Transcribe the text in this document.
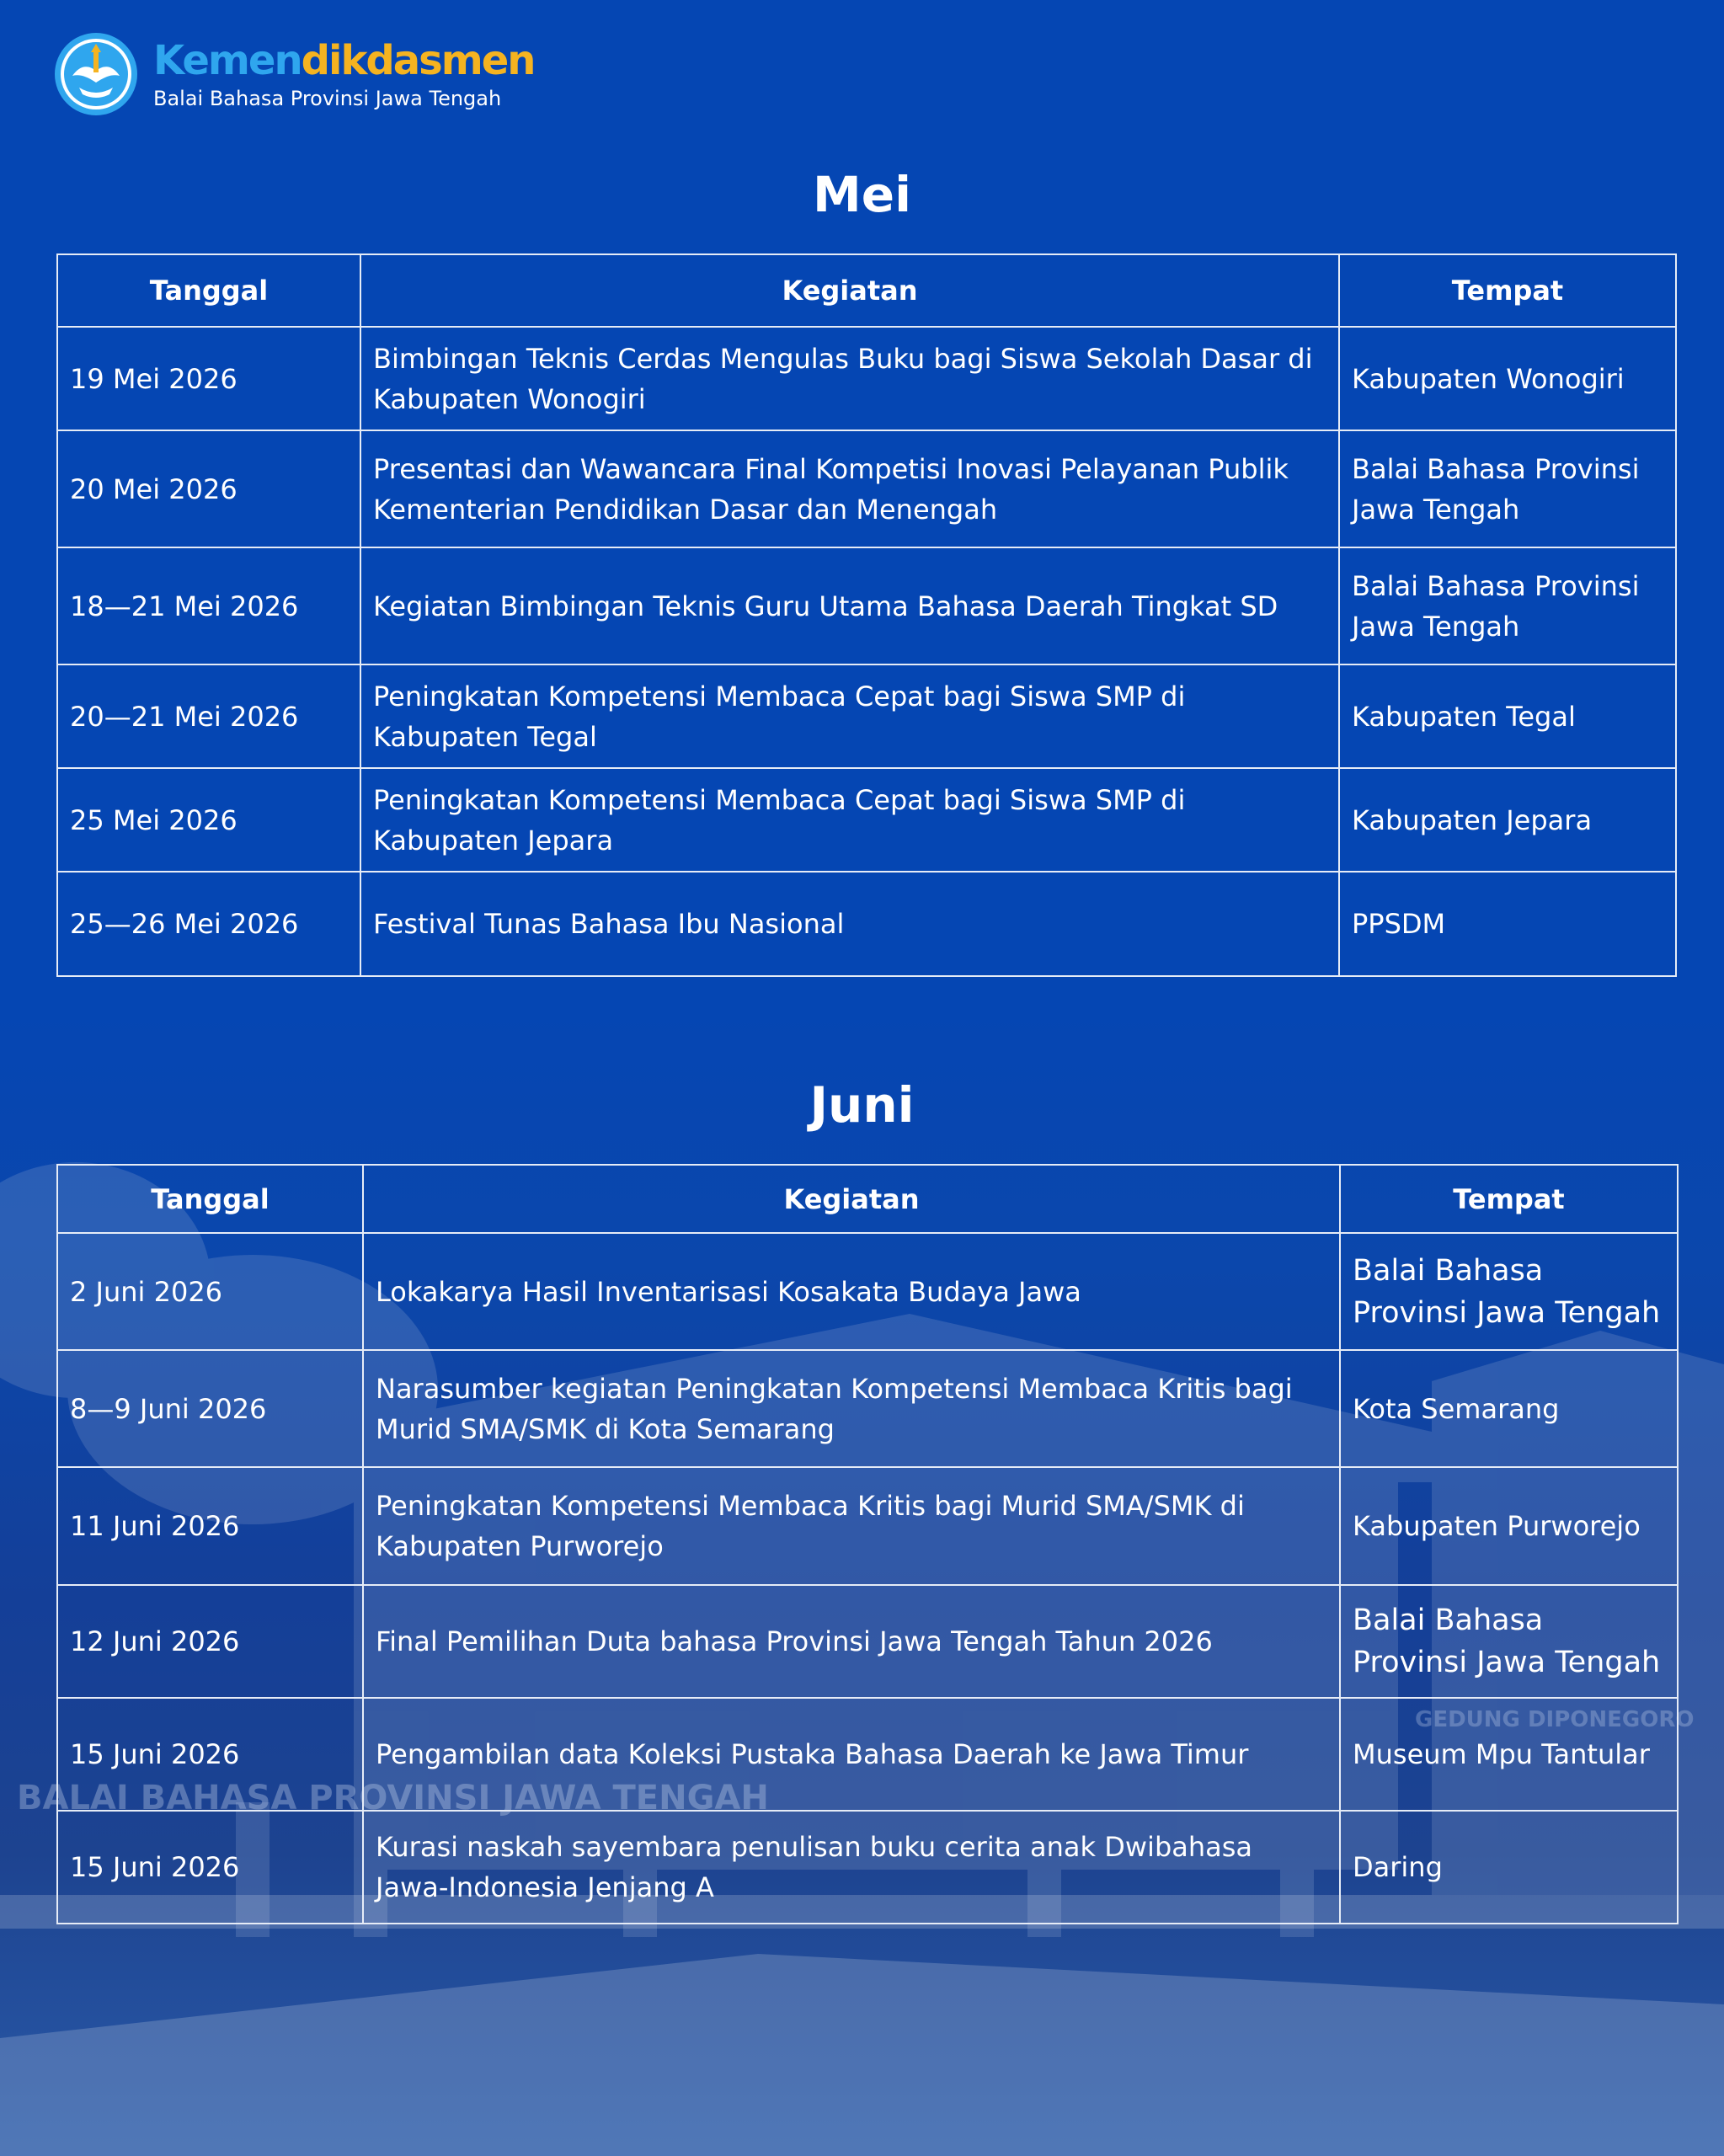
BALAI BAHASA PROVINSI JAWA TENGAH
GEDUNG DIPONEGORO
Kemendikdasmen
Balai Bahasa Provinsi Jawa Tengah
Mei
Tanggal	Kegiatan	Tempat
19 Mei 2026	Bimbingan Teknis Cerdas Mengulas Buku bagi Siswa Sekolah Dasar di Kabupaten Wonogiri	Kabupaten Wonogiri
20 Mei 2026	Presentasi dan Wawancara Final Kompetisi Inovasi Pelayanan Publik Kementerian Pendidikan Dasar dan Menengah	Balai Bahasa Provinsi Jawa Tengah
18—21 Mei 2026	Kegiatan Bimbingan Teknis Guru Utama Bahasa Daerah Tingkat SD	Balai Bahasa Provinsi Jawa Tengah
20—21 Mei 2026	Peningkatan Kompetensi Membaca Cepat bagi Siswa SMP di Kabupaten Tegal	Kabupaten Tegal
25 Mei 2026	Peningkatan Kompetensi Membaca Cepat bagi Siswa SMP di Kabupaten Jepara	Kabupaten Jepara
25—26 Mei 2026	Festival Tunas Bahasa Ibu Nasional	PPSDM
Juni
Tanggal	Kegiatan	Tempat
2 Juni 2026	Lokakarya Hasil Inventarisasi Kosakata Budaya Jawa	Balai Bahasa Provinsi Jawa Tengah
8—9 Juni 2026	Narasumber kegiatan Peningkatan Kompetensi Membaca Kritis bagi Murid SMA/SMK di Kota Semarang	Kota Semarang
11 Juni 2026	Peningkatan Kompetensi Membaca Kritis bagi Murid SMA/SMK di Kabupaten Purworejo	Kabupaten Purworejo
12 Juni 2026	Final Pemilihan Duta bahasa Provinsi Jawa Tengah Tahun 2026	Balai Bahasa Provinsi Jawa Tengah
15 Juni 2026	Pengambilan data Koleksi Pustaka Bahasa Daerah ke Jawa Timur	Museum Mpu Tantular
15 Juni 2026	Kurasi naskah sayembara penulisan buku cerita anak Dwibahasa Jawa-Indonesia Jenjang A	Daring
